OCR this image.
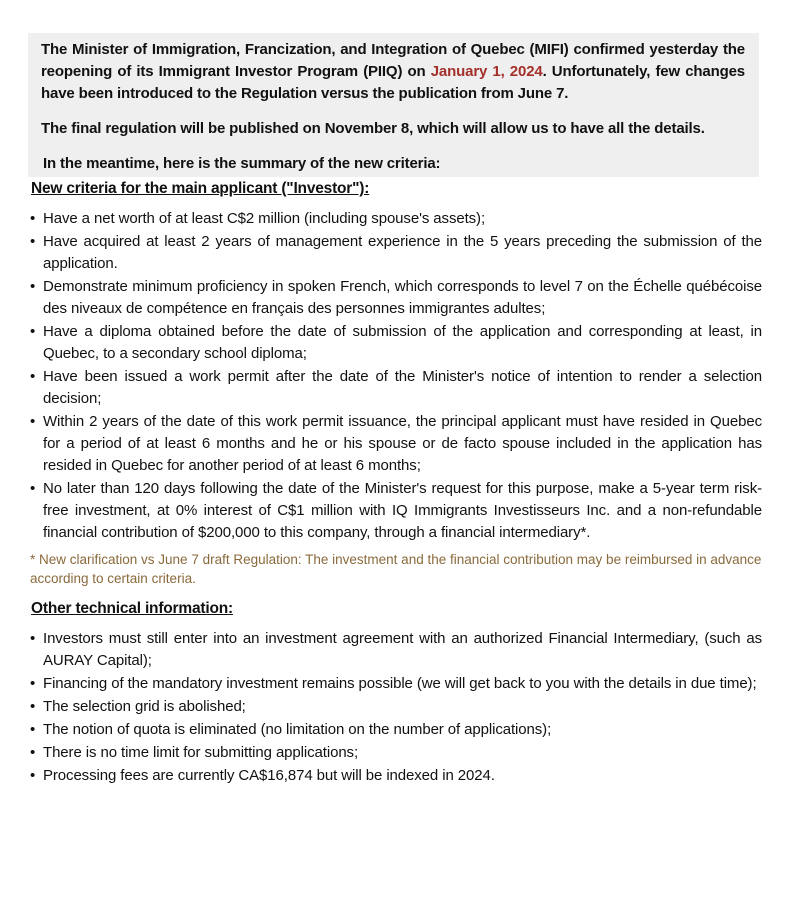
The Minister of Immigration, Francization, and Integration of Quebec (MIFI) confirmed yesterday the reopening of its Immigrant Investor Program (PIIQ) on January 1, 2024. Unfortunately, few changes have been introduced to the Regulation versus the publication from June 7.

The final regulation will be published on November 8, which will allow us to have all the details.

In the meantime, here is the summary of the new criteria:

New criteria for the main applicant ("Investor"):
• Have a net worth of at least C$2 million (including spouse's assets);
• Have acquired at least 2 years of management experience in the 5 years preceding the submission of the application.
• Demonstrate minimum proficiency in spoken French, which corresponds to level 7 on the Échelle québécoise des niveaux de compétence en français des personnes immigrantes adultes;
• Have a diploma obtained before the date of submission of the application and corresponding at least, in Quebec, to a secondary school diploma;
• Have been issued a work permit after the date of the Minister's notice of intention to render a selection decision;
• Within 2 years of the date of this work permit issuance, the principal applicant must have resided in Quebec for a period of at least 6 months and he or his spouse or de facto spouse included in the application has resided in Quebec for another period of at least 6 months;
• No later than 120 days following the date of the Minister's request for this purpose, make a 5-year term risk-free investment, at 0% interest of C$1 million with IQ Immigrants Investisseurs Inc. and a non-refundable financial contribution of $200,000 to this company, through a financial intermediary*.
* New clarification vs June 7 draft Regulation: The investment and the financial contribution may be reimbursed in advance according to certain criteria.
Other technical information:
• Investors must still enter into an investment agreement with an authorized Financial Intermediary, (such as AURAY Capital);
• Financing of the mandatory investment remains possible (we will get back to you with the details in due time);
• The selection grid is abolished;
• The notion of quota is eliminated (no limitation on the number of applications);
• There is no time limit for submitting applications;
• Processing fees are currently CA$16,874 but will be indexed in 2024.
